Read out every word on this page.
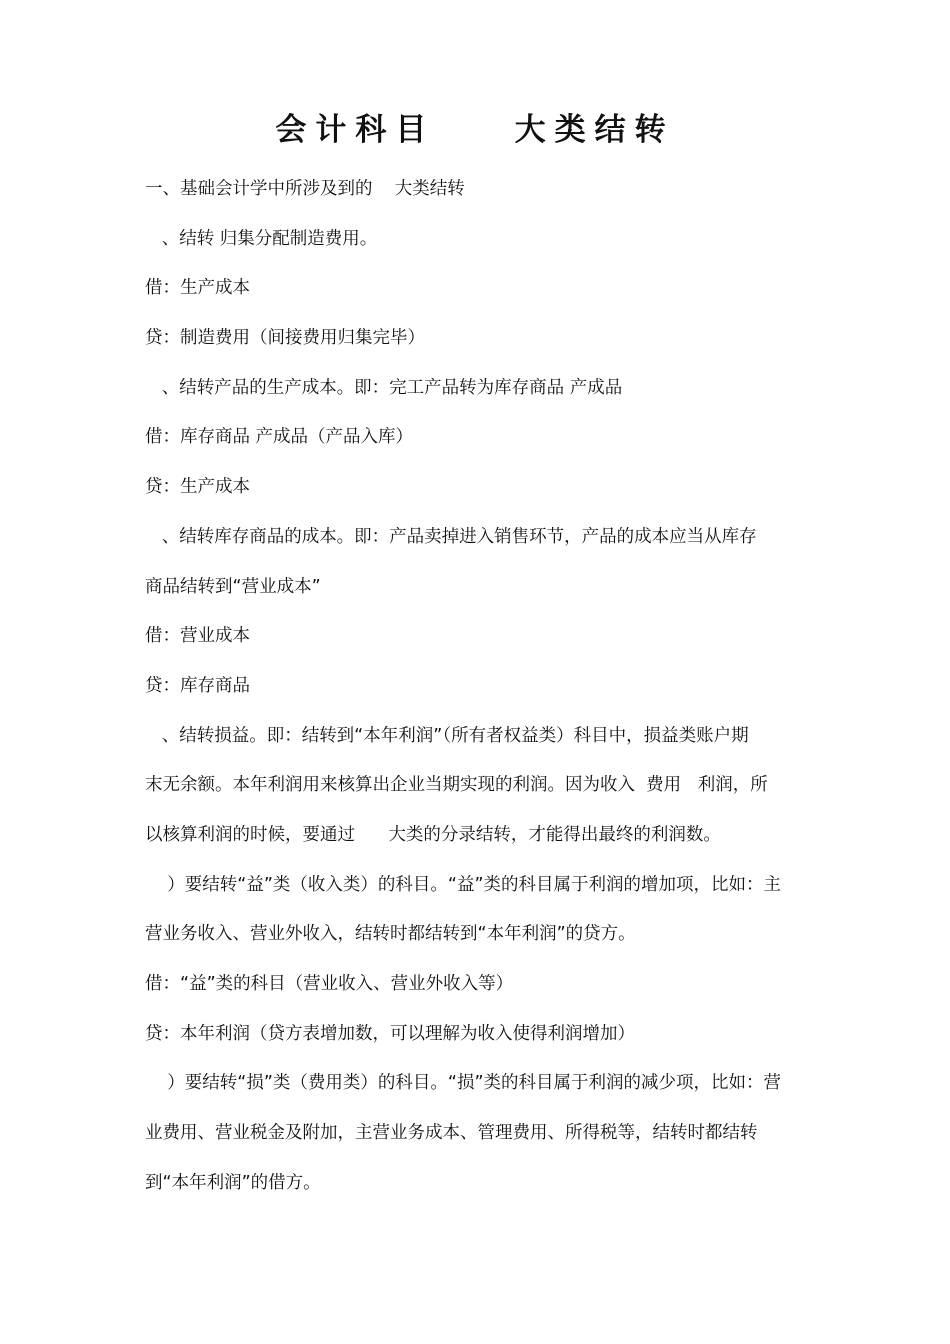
会计科目    大类结转
一、基础会计学中所涉及到的    大类结转
、结转 归集分配制造费用。
借：生产成本
贷：制造费用（间接费用归集完毕）
、结转产品的生产成本。即：完工产品转为库存商品 产成品
借：库存商品 产成品（产品入库）
贷：生产成本
、结转库存商品的成本。即：产品卖掉进入销售环节，产品的成本应当从库存
商品结转到“营业成本”
借：营业成本
贷：库存商品
、结转损益。即：结转到“本年利润”（所有者权益类）科目中，损益类账户期
末无余额。本年利润用来核算出企业当期实现的利润。因为收入  费用   利润，所
以核算利润的时候，要通过      大类的分录结转，才能得出最终的利润数。
）要结转“益”类（收入类）的科目。“益”类的科目属于利润的增加项，比如：主
营业务收入、营业外收入，结转时都结转到“本年利润”的贷方。
借：“益”类的科目（营业收入、营业外收入等）
贷：本年利润（贷方表增加数，可以理解为收入使得利润增加）
）要结转“损”类（费用类）的科目。“损”类的科目属于利润的减少项，比如：营
业费用、营业税金及附加，主营业务成本、管理费用、所得税等，结转时都结转
到“本年利润”的借方。
